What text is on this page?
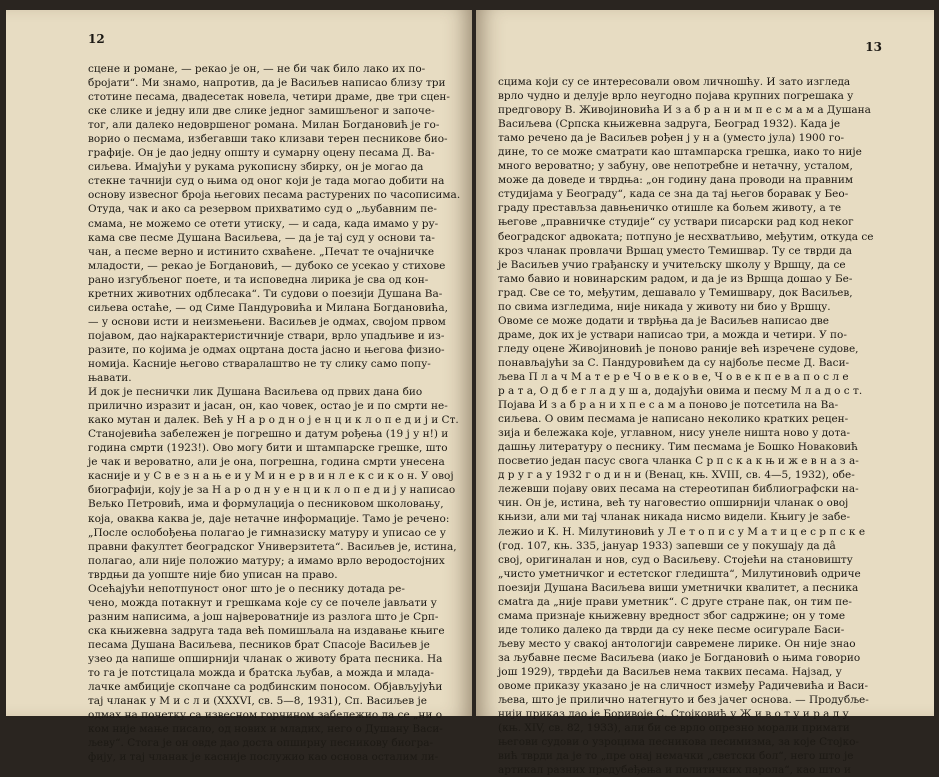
12
сцене и романе, — рекао је он, — не би чак било лако их по-
бројати“. Ми знамо, напротив, да је Васиљев написао близу три
стотине песама, двадесетак новела, четири драме, две три сцен-
ске слике и једну или две слике једног замишљеног и започе-
тог, али далеко недовршеног романа. Милан Богдановић је го-
ворио о песмама, избегавши тако клизави терен песникове био-
графије. Он је дао једну општу и сумарну оцену песама Д. Ва-
сиљева. Имајући у рукама рукописну збирку, он је могао да
стекне тачнији суд о њима од оног који је тада могао добити на
основу извесног броја његових песама растурених по часописима.
Отуда, чак и ако са резервом прихватимо суд о „љубавним пе-
смама, не можемо се отети утиску, — и сада, када имамо у ру-
кама све песме Душана Васиљева, — да је тај суд у основи та-
чан, а песме верно и истинито схваћене. „Печат те очајничке
младости, — рекао је Богдановић, — дубоко се усекао у стихове
рано изгубљеног поете, и та исповедна лирика је сва од кон-
кретних животних одблесака“. Ти судови о поезији Душана Ва-
сиљева остаће, — од Симе Пандуровића и Милана Богдановића,
— у основи исти и неизмењени. Васиљев је одмах, својом првом
појавом, дао најкарактеристичније ствари, врло упадљиве и из-
разите, по којима је одмах оцртана доста јасно и његова физио-
номија. Касније његово стваралаштво не ту слику само попу-
њавати.
И док је песнички лик Душана Васиљева од првих дана био
прилично изразит и јасан, он, као човек, остао је и по смрти не-
како мутан и далек. Већ у Н а р о д н о ј е н ц и к л о п е д и ј и Ст.
Станојевића забележен је погрешно и датум рођења (19 ј у н!) и
година смрти (1923!). Ово могу бити и штампарске грешке, што
је чак и вероватно, али је она, погрешна, година смрти унесена
касније и у С в е з н а њ е и у М и н е р в и н л е к с и к о н. У овој
биографији, коју је за Н а р о д н у е н ц и к л о п е д и ј у написао
Вељко Петровић, има и формулација о песниковом школовању,
која, оваква каква је, даје нетачне информације. Тамо је речено:
„После ослобођења полагао је гимназиску матуру и уписао се у
правни факултет београдског Универзитета“. Васиљев је, истина,
полагао, али није положио матуру; а имамо врло веродостојних
тврдњи да уопште није био уписан на право.
Осећајући непотпуност оног што је о песнику дотада ре-
чено, можда потакнут и грешкама које су се почеле јављати у
разним написима, а још највероватније из разлога што је Срп-
ска књижевна задруга тада већ помишљала на издавање књиге
песама Душана Васиљева, песников брат Спасоје Васиљев је
узео да напише опширнији чланак о животу брата песника. На
то га је потстицала можда и братска љубав, а можда и млада-
лачке амбиције скопчане са родбинским поносом. Објављујући
тај чланак у М и с л и (XXXVI, св. 5—8, 1931), Сп. Васиљев је
одмах на почетку са извесном горчином забележио да се „ни о
ком није мање писало, од нових и младих, него о Душану Васи-
љеву“. Стога је он овде дао доста опширну песникову биогра-
фију, и тај чланак је касније послужио као основа осталим ли-
13
сцима који су се интересовали овом личношћу. И зато изгледа
врло чудно и делује врло неугодно појава крупних погрешака у
предговору В. Живојиновића И з а б р а н и м п е с м а м а Душана
Васиљева (Српска књижевна задруга, Београд 1932). Када је
тамо речено да је Васиљев рођен ј у н а (уместо јула) 1900 го-
дине, то се може сматрати као штампарска грешка, иако то није
много вероватно; у забуну, ове непотребне и нетачну, усталом,
може да доведе и тврдња: „он годину дана проводи на правним
студијама у Београду“, када се зна да тај његов боравак у Бео-
граду престављза давњеничко отишле ка бољем животу, а те
његове „правничке студије“ су уствари писарски рад код неког
београдског адвоката; потпуно је несхватљиво, међутим, откуда се
кроз чланак провлачи Вршац уместо Темишвар. Ту се тврди да
је Васиљев учио грађанску и учитељску школу у Вршцу, да се
тамо бавио и новинарским радом, и да је из Вршца дошао у Бе-
град. Све се то, међутим, дешавало у Темишвару, док Васиљев,
по свима изгледима, није никада у животу ни био у Вршцу.
Овоме се може додати и тврђња да је Васиљев написао две
драме, док их је уствари написао три, а можда и четири. У по-
гледу оцене Живојиновић је поново раније већ изречене судове,
понављајући за С. Пандуровићем да су најбоље песме Д. Васи-
љева П л а ч М а т е р е Ч о в е к о в е, Ч о в е к п е в а п о с л е
р а т а, О д б е г л а д у ш а, додајући овима и песму М л а д о с т.
Појава И з а б р а н и х п е с а м а поново је потсетила на Ва-
сиљева. О овим песмама је написано неколико кратких рецен-
зија и бележака које, углавном, нису унеле ништа ново у дота-
дашњу литературу о песнику. Тим песмама је Бошко Новаковић
посветио један пасус свога чланка С р п с к а к њ и ж е в н а з а-
д р у г а у 1932 г о д и н и (Венац, књ. XVIII, св. 4—5, 1932), обе-
лежевши појаву ових песама на стереотипан библиографски на-
чин. Он је, истина, већ ту наговестио опширнији чланак о овој
књизи, али ми тај чланак никада нисмо видели. Књигу је забе-
лежио и К. Н. Милутиновић у Л е т о п и с у М а т и ц е с р п с к е
(год. 107, књ. 335, јануар 1933) запевши се у покушају да дâ
свој, оригиналан и нов, суд о Васиљеву. Стојећи на становишту
„чисто уметничког и естетског гледишта“, Милутиновић одриче
поезији Душана Васиљева виши уметнички квалитет, а песника
смatra да „није прави уметник“. С друге стране пак, он тим пе-
смама признаје књижевну вредност због садржине; он у томе
иде толико далеко да тврди да су неке песме осигурале Баси-
љеву место у свакој антологији савремене лирике. Он није знао
за љубавне песме Васиљева (иако је Богдановић о њима говорио
још 1929), тврдећи да Васиљев нема таквих песама. Најзад, у
овоме приказу указано је на сличност између Радичевића и Васи-
љева, што је прилично натегнуто и без јачег основа. — Продубље-
нији приказ дао је Боривоје С. Стојковић у Ж и в о т у и р а д у
(књ. XIV, св. 82, 1933), али би се врло опрезно морали примати
његови судови о узроцима песникова песимизма, за које Стојко-
вић тврди да је то „пре онај немачки „светски бол“, него што је
артикал разних предубеђења и политичких парола“, као што и
